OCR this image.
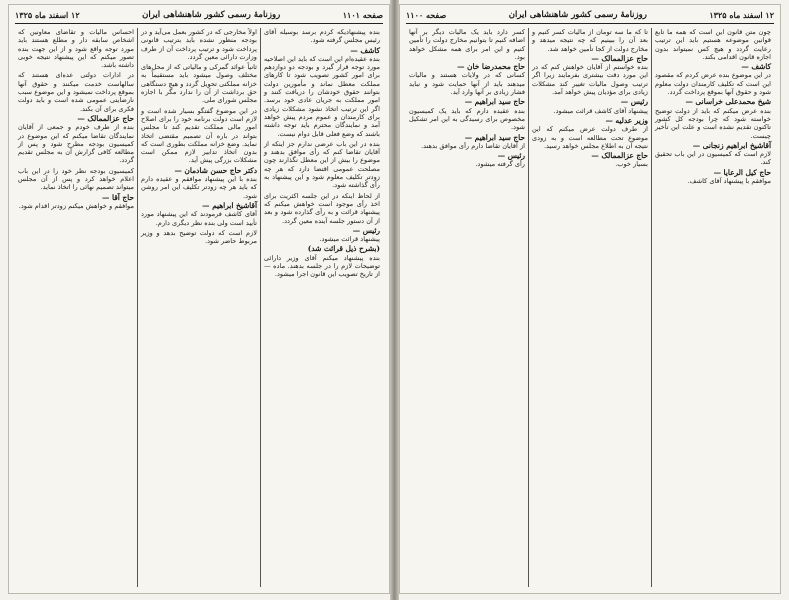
صفحه ۱۱۰۱
روزنامهٔ رسمی کشور شاهنشاهی ایران
۱۲ اسفند ماه ۱۳۲۵

بنده پیشنهادیکه کردم برسد بوسیله آقای رئیس مجلس گرفته شود.

کاشف —

بنده عقیده‌ام این است که باید این اصلاحیه مورد توجه قرار گیرد و بودجه دو دوازدهم برای امور کشور تصویب شود تا کارهای مملکت معطل نماند و مأمورین دولت بتوانند حقوق خودشان را دریافت کنند و امور مملکت به جریان عادی خود برسد. اگر این ترتیب اتخاذ نشود مشکلات زیادی برای کارمندان و عموم مردم پیش خواهد آمد و نمایندگان محترم باید توجه داشته باشند که وضع فعلی قابل دوام نیست.

بنده در این باب عرضی ندارم جز اینکه از آقایان تقاضا کنم که رأی موافق بدهند و موضوع را بیش از این معطل نگذارند چون مصلحت عمومی اقتضا دارد که هر چه زودتر تکلیف معلوم شود و این پیشنهاد به رأی گذاشته شود.

از لحاظ اینکه در این جلسه اکثریت برای اخذ رأی موجود است خواهش میکنم که پیشنهاد قرائت و به رأی گذارده شود و بعد از آن دستور جلسه آینده معین گردد.

رئیس —

پیشنهاد قرائت میشود.

(بشرح ذیل قرائت شد)

بنده پیشنهاد میکنم آقای وزیر دارائی توضیحات لازم را در جلسه بدهند. ماده — از تاریخ تصویب این قانون اجرا میشود.

اولاً مخارجی که در کشور بعمل می‌آید و در بودجه منظور نشده باید بترتیب قانونی پرداخت شود و ترتیب پرداخت آن از طرف وزارت دارائی معین گردد.

ثانیاً عوائد گمرکی و مالیاتی که از محل‌های مختلف وصول میشود باید مستقیماً به خزانه مملکتی تحویل گردد و هیچ دستگاهی حق برداشت از آن را ندارد مگر با اجازه مجلس شورای ملی.

در این موضوع گفتگو بسیار شده است و لازم است دولت برنامه خود را برای اصلاح امور مالی مملکت تقدیم کند تا مجلس بتواند در باره آن تصمیم مقتضی اتخاذ نماید. وضع خزانه مملکت بطوری است که بدون اتخاذ تدابیر لازم ممکن است مشکلات بزرگی پیش آید.

دکتر حاج حسن شادمان —

بنده با این پیشنهاد موافقم و عقیده دارم که باید هر چه زودتر تکلیف این امر روشن شود.

آقاشیخ ابراهیم —

آقای کاشف فرمودند که این پیشنهاد مورد تأیید است ولی بنده نظر دیگری دارم.

لازم است که دولت توضیح بدهد و وزیر مربوط حاضر شود.

احساس مالیات و تقاضای معاونین که اشخاص سابقه دار و مطلع هستند باید مورد توجه واقع شود و از این جهت بنده تصور میکنم که این پیشنهاد نتیجه خوبی داشته باشد.

در ادارات دولتی عده‌ای هستند که سالهاست خدمت میکنند و حقوق آنها بموقع پرداخت نمیشود و این موضوع سبب نارضایتی عمومی شده است و باید دولت فکری برای آن بکند.

حاج عزالممالک —

بنده از طرف خودم و جمعی از آقایان نمایندگان تقاضا میکنم که این موضوع در کمیسیون بودجه مطرح شود و پس از مطالعه کافی گزارش آن به مجلس تقدیم گردد.

کمیسیون بودجه نظر خود را در این باب اعلام خواهد کرد و پس از آن مجلس میتواند تصمیم نهائی را اتخاذ نماید.

حاج آقا —

موافقم و خواهش میکنم زودتر اقدام شود.

۱۲ اسفند ماه ۱۳۲۵
روزنامهٔ رسمی کشور شاهنشاهی ایران
صفحه ۱۱۰۰

چون متن قانون این است که همه ما تابع قوانین موضوعه هستیم باید این ترتیب رعایت گردد و هیچ کس نمیتواند بدون اجازه قانون اقدامی بکند.

کاشف —

در این موضوع بنده عرض کردم که مقصود این است که تکلیف کارمندان دولت معلوم شود و حقوق آنها بموقع پرداخت گردد.

شیخ محمدعلی خراسانی —

بنده عرض میکنم که باید از دولت توضیح خواسته شود که چرا بودجه کل کشور تاکنون تقدیم نشده است و علت این تأخیر چیست.

آقاشیخ ابراهیم زنجانی —

لازم است که کمیسیون در این باب تحقیق کند.

حاج کیل الرعایا —

موافقم با پیشنهاد آقای کاشف.

تا که ما سه تومان از مالیات کسر کنیم و بعد آن را ببینیم که چه نتیجه میدهد و مخارج دولت از کجا تأمین خواهد شد.

حاج عزالممالک —

بنده خواستم از آقایان خواهش کنم که در این مورد دقت بیشتری بفرمایند زیرا اگر ترتیب وصول مالیات تغییر کند مشکلات زیادی برای مؤدیان پیش خواهد آمد.

رئیس —

پیشنهاد آقای کاشف قرائت میشود.

وزیر عدلیه —

از طرف دولت عرض میکنم که این موضوع تحت مطالعه است و به زودی نتیجه آن به اطلاع مجلس خواهد رسید.

حاج عزالممالک —

بسیار خوب.

کسر دارد باید یک مالیات دیگر بر آنها اضافه کنیم تا بتوانیم مخارج دولت را تأمین کنیم و این امر برای همه مشکل خواهد بود.

حاج محمدرضا خان —

کسانی که در ولایات هستند و مالیات میدهند باید از آنها حمایت شود و نباید فشار زیادی بر آنها وارد آید.

حاج سید ابراهیم —

بنده عقیده دارم که باید یک کمیسیون مخصوص برای رسیدگی به این امر تشکیل شود.

حاج سید ابراهیم —

از آقایان تقاضا دارم رأی موافق بدهند.

رئیس —

رأی گرفته میشود.
